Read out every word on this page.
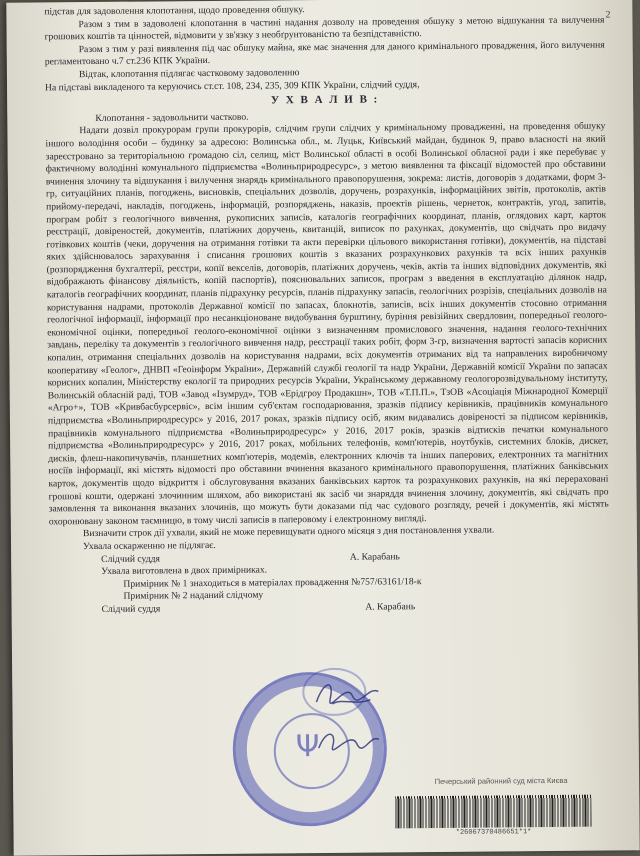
2

підстав для задоволення клопотання, щодо проведення обшуку.

Разом з тим в задоволені клопотання в частині надання дозволу на проведення обшуку з метою відшукання та вилучення грошових коштів та цінностей, відмовити у зв'язку з необґрунтованістю та безпідставністю.

Разом з тим у разі виявлення під час обшуку майна, яке має значення для даного кримінального провадження, його вилучення регламентовано ч.7 ст.236 КПК України.

Відтак, клопотання підлягає частковому задоволенню

На підставі викладеного та керуючись ст.ст. 108, 234, 235, 309 КПК України, слідчий суддя,

У Х В А Л И В :

Клопотання - задовольнити частково.

Надати дозвіл прокурорам групи прокурорів, слідчим групи слідчих у кримінальному провадженні, на проведення обшуку іншого володіння особи – будинку за адресою: Волинська обл., м. Луцьк, Київський майдан, будинок 9, право власності на який зареєстровано за територіальною громадою сіл, селищ, міст Волинської області в особі Волинської обласної ради і яке перебуває у фактичному володінні комунального підприємства «Волиньприродресурс», з метою виявлення та фіксації відомостей про обставини вчинення злочину та відшукання і вилучення знарядь кримінального правопорушення, зокрема: листів, договорів з додатками, форм 3-гр, ситуаційних планів, погоджень, висновків, спеціальних дозволів, доручень, розрахунків, інформаційних звітів, протоколів, актів прийому-передачі, накладів, погоджень, інформацій, розпоряджень, наказів, проектів рішень, чернеток, контрактів, угод, запитів, програм робіт з геологічного вивчення, рукописних записів, каталогів географічних координат, планів, оглядових карт, карток реєстрації, довіреностей, документів, платіжних доручень, квитанцій, виписок по рахунках, документів, що свідчать про видачу готівкових коштів (чеки, доручення на отримання готівки та акти перевірки цільового використання готівки), документів, на підставі яких здійснювалось зарахування і списання грошових коштів з вказаних розрахункових рахунків та всіх інших рахунків (розпорядження бухгалтерії, реєстри, копії векселів, договорів, платіжних доручень, чеків, актів та інших відповідних документів, які відображають фінансову діяльність, копій паспортів), пояснювальних записок, програм з введення в експлуатацію ділянок надр, каталогів географічних координат, планів підрахунку ресурсів, планів підрахунку запасів, геологічних розрізів, спеціальних дозволів на користування надрами, протоколів Державної комісії по запасах, блокнотів, записів, всіх інших документів стосовно отримання геологічної інформації, інформації про несанкціоноване видобування бурштину, буріння ревізійних свердловин, попередньої геолого-економічної оцінки, попередньої геолого-економічної оцінки з визначенням промислового значення, надання геолого-технічних завдань, переліку та документів з геологічного вивчення надр, реєстрації таких робіт, форм 3-гр, визначення вартості запасів корисних копалин, отримання спеціальних дозволів на користування надрами, всіх документів отриманих від та направлених виробничому кооперативу «Геолог», ДНВП «Геоінформ України», Державній службі геології та надр України, Державній комісії України по запасах корисних копалин, Міністерству екології та природних ресурсів України, Українському державному геологорозвідувальному інституту, Волинській обласній раді, ТОВ «Завод «Ізумруд», ТОВ «Ерідгроу Продакшн», ТОВ «Т.П.П.», ТзОВ «Асоціація Міжнародної Комерції «Агро+», ТОВ «Кривбасбурсервіс», всім іншим суб'єктам господарювання, зразків підпису керівників, працівників комунального підприємства «Волиньприродресурс» у 2016, 2017 роках, зразків підпису осіб, яким видавались довіреності за підписом керівників, працівників комунального підприємства «Волиньприродресурс» у 2016, 2017 років, зразків відтисків печатки комунального підприємства «Волиньприродресурс» у 2016, 2017 роках, мобільних телефонів, комп'ютерів, ноутбуків, системних блоків, дискет, дисків, флеш-накопичувачів, планшетних комп'ютерів, модемів, електронних ключів та інших паперових, електронних та магнітних носіїв інформації, які містять відомості про обставини вчинення вказаного кримінального правопорушення, платіжних банківських карток, документів щодо відкриття і обслуговування вказаних банківських карток та розрахункових рахунків, на які перераховані грошові кошти, одержані злочинним шляхом, або використані як засіб чи знаряддя вчинення злочину, документів, які свідчать про замовлення та виконання вказаних злочинів, що можуть бути доказами під час судового розгляду, речей і документів, які містять охоронювану законом таємницю, в тому числі записів в паперовому і електронному вигляді.

Визначити строк дії ухвали, який не може перевищувати одного місяця з дня постановлення ухвали.

Ухвала оскарженню не підлягає.

Слідчий суддя	А. Карабань

Ухвала виготовлена в двох примірниках.

Примірник № 1 знаходиться в матеріалах провадження №757/63161/18-к

Примірник № 2 наданий слідчому

Слідчий суддя	А. Карабань

Ψ
Печерський районний суд міста Києва
*26067370486651*1*
